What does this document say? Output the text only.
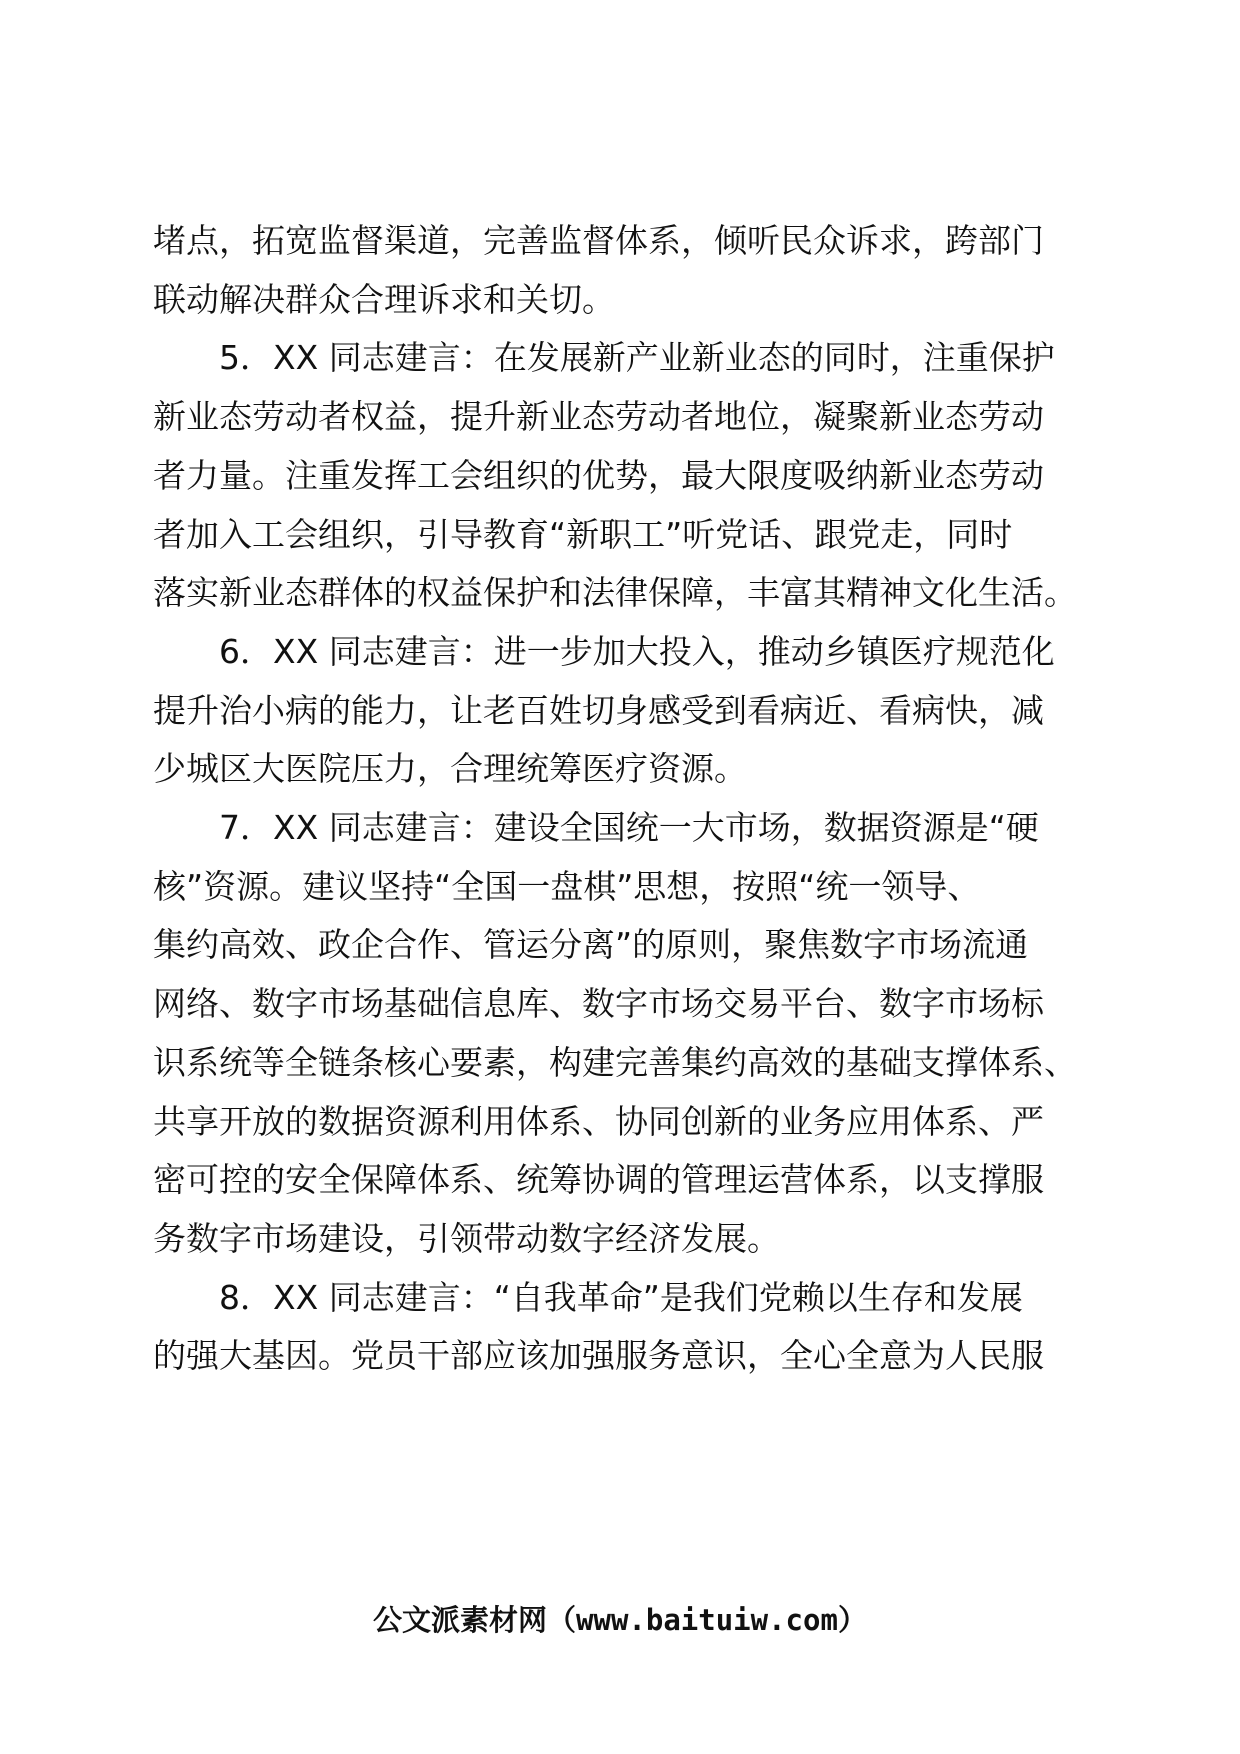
堵点，拓宽监督渠道，完善监督体系，倾听民众诉求，跨部门
联动解决群众合理诉求和关切。
5．XX 同志建言：在发展新产业新业态的同时，注重保护
新业态劳动者权益，提升新业态劳动者地位，凝聚新业态劳动
者力量。注重发挥工会组织的优势，最大限度吸纳新业态劳动
者加入工会组织，引导教育“新职工”听党话、跟党走，同时
落实新业态群体的权益保护和法律保障，丰富其精神文化生活。
6．XX 同志建言：进一步加大投入，推动乡镇医疗规范化
提升治小病的能力，让老百姓切身感受到看病近、看病快，减
少城区大医院压力，合理统筹医疗资源。
7．XX 同志建言：建设全国统一大市场，数据资源是“硬
核”资源。建议坚持“全国一盘棋”思想，按照“统一领导、
集约高效、政企合作、管运分离”的原则，聚焦数字市场流通
网络、数字市场基础信息库、数字市场交易平台、数字市场标
识系统等全链条核心要素，构建完善集约高效的基础支撑体系、
共享开放的数据资源利用体系、协同创新的业务应用体系、严
密可控的安全保障体系、统筹协调的管理运营体系，以支撑服
务数字市场建设，引领带动数字经济发展。
8．XX 同志建言：“自我革命”是我们党赖以生存和发展
的强大基因。党员干部应该加强服务意识，全心全意为人民服
公文派素材网（www.baituiw.com）
